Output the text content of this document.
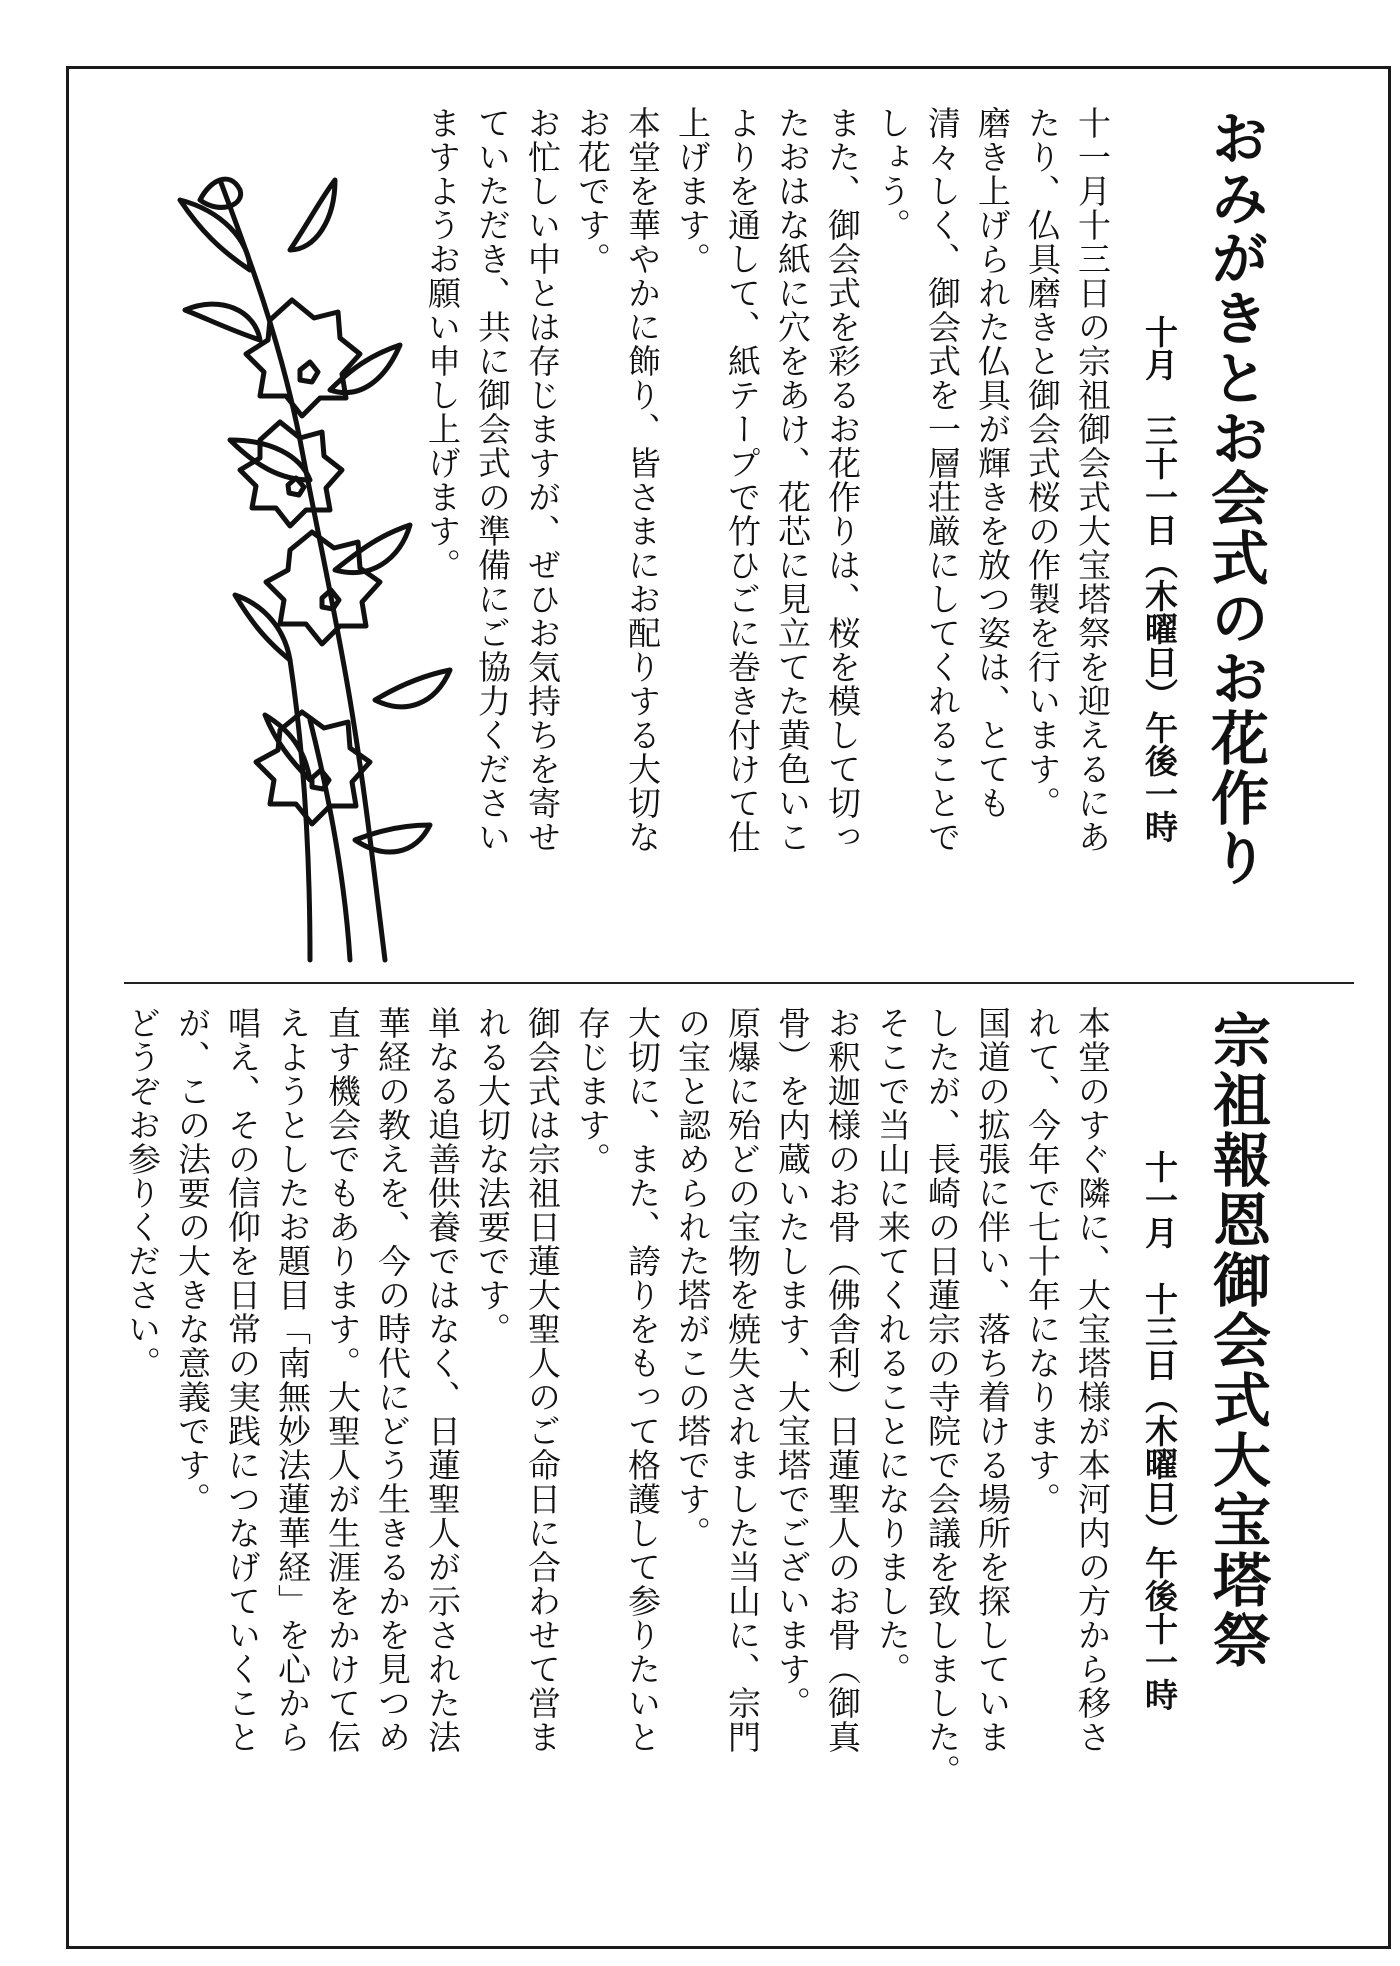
おみがきとお会式のお花作り
十月　三十一日（木曜日）午後一時
十一月十三日の宗祖御会式大宝塔祭を迎えるにあ
たり、仏具磨きと御会式桜の作製を行います。
磨き上げられた仏具が輝きを放つ姿は、とても
清々しく、御会式を一層荘厳にしてくれることで
しょう。
また、御会式を彩るお花作りは、桜を模して切っ
たおはな紙に穴をあけ、花芯に見立てた黄色いこ
よりを通して、紙テープで竹ひごに巻き付けて仕
上げます。
本堂を華やかに飾り、皆さまにお配りする大切な
お花です。
お忙しい中とは存じますが、ぜひお気持ちを寄せ
ていただき、共に御会式の準備にご協力ください
ますようお願い申し上げます。
宗祖報恩御会式大宝塔祭
十一月　十三日（木曜日）午後十一時
本堂のすぐ隣に、大宝塔様が本河内の方から移さ
れて、今年で七十年になります。
国道の拡張に伴い、落ち着ける場所を探していま
したが、長崎の日蓮宗の寺院で会議を致しました。
そこで当山に来てくれることになりました。
お釈迦様のお骨（佛舎利）日蓮聖人のお骨（御真
骨）を内蔵いたします、大宝塔でございます。
原爆に殆どの宝物を焼失されました当山に、宗門
の宝と認められた塔がこの塔です。
大切に、また、誇りをもって格護して参りたいと
存じます。
御会式は宗祖日蓮大聖人のご命日に合わせて営ま
れる大切な法要です。
単なる追善供養ではなく、日蓮聖人が示された法
華経の教えを、今の時代にどう生きるかを見つめ
直す機会でもあります。大聖人が生涯をかけて伝
えようとしたお題目「南無妙法蓮華経」を心から
唱え、その信仰を日常の実践につなげていくこと
が、この法要の大きな意義です。
どうぞお参りください。
